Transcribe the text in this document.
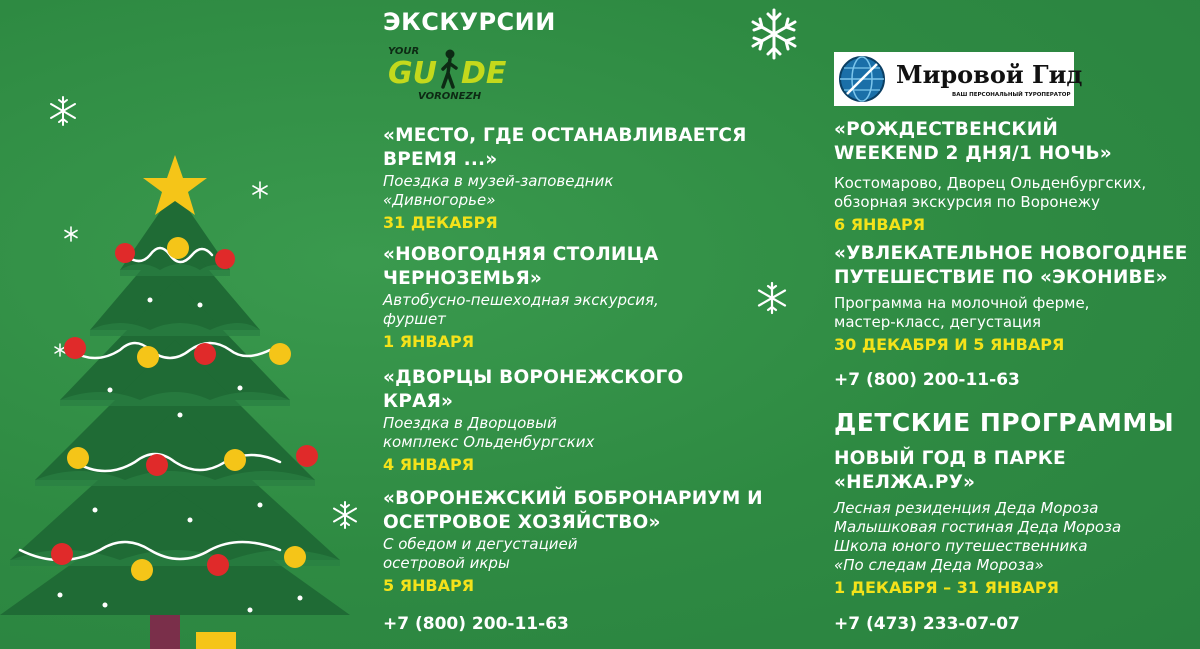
ЭКСКУРСИИ
YOUR
GU DE
VORONEZH
«МЕСТО, ГДЕ ОСТАНАВЛИВАЕТСЯ ВРЕМЯ ...»
Поездка в музей-заповедник «Дивногорье»
31 ДЕКАБРЯ
«НОВОГОДНЯЯ СТОЛИЦА ЧЕРНОЗЕМЬЯ»
Автобусно-пешеходная экскурсия, фуршет
1 ЯНВАРЯ
«ДВОРЦЫ ВОРОНЕЖСКОГО КРАЯ»
Поездка в Дворцовый комплекс Ольденбургских
4 ЯНВАРЯ
«ВОРОНЕЖСКИЙ БОБРОНАРИУМ И ОСЕТРОВОЕ ХОЗЯЙСТВО»
С обедом и дегустацией осетровой икры
5 ЯНВАРЯ
+7 (800) 200-11-63
Мировой Гид
ВАШ ПЕРСОНАЛЬНЫЙ ТУРОПЕРАТОР
«РОЖДЕСТВЕНСКИЙ WEEKEND 2 ДНЯ/1 НОЧЬ»
Костомарово, Дворец Ольденбургских, обзорная экскурсия по Воронежу
6 ЯНВАРЯ
«УВЛЕКАТЕЛЬНОЕ НОВОГОДНЕЕ ПУТЕШЕСТВИЕ ПО «ЭКОНИВЕ»
Программа на молочной ферме, мастер-класс, дегустация
30 ДЕКАБРЯ И 5 ЯНВАРЯ
+7 (800) 200-11-63
ДЕТСКИЕ ПРОГРАММЫ
НОВЫЙ ГОД В ПАРКЕ «НЕЛЖА.РУ»
Лесная резиденция Деда Мороза
Малышковая гостиная Деда Мороза
Школа юного путешественника
«По следам Деда Мороза»
1 ДЕКАБРЯ – 31 ЯНВАРЯ
+7 (473) 233-07-07
